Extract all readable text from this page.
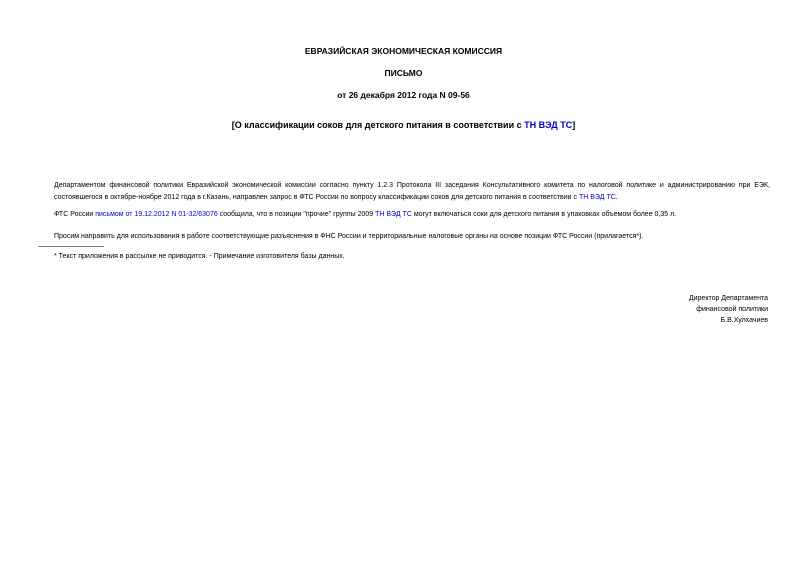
ЕВРАЗИЙСКАЯ ЭКОНОМИЧЕСКАЯ КОМИССИЯ
ПИСЬМО
от 26 декабря 2012 года N 09-56
[О классификации соков для детского питания в соответствии с ТН ВЭД ТС]
Департаментом финансовой политики Евразийской экономической комиссии согласно пункту 1.2.3 Протокола III заседания Консультативного комитета по налоговой политике и администрированию при ЕЭК,
состоявшегося в октябре-ноябре 2012 года в г.Казань, направлен запрос в ФТС России по вопросу классификации соков для детского питания в соответствии с ТН ВЭД ТС.
ФТС России письмом от 19.12.2012 N 01-32/63076 сообщила, что в позиции "прочие" группы 2009 ТН ВЭД ТС могут включаться соки для детского питания в упаковках объемом более 0,35 л.
Просим направить для использования в работе соответствующие разъяснения в ФНС России и территориальные налоговые органы на основе позиции ФТС России (прилагается*).
* Текст приложения в рассылке не приводится. - Примечание изготовителя базы данных.
Директор Департамента
финансовой политики
Б.В.Хулхачиев
